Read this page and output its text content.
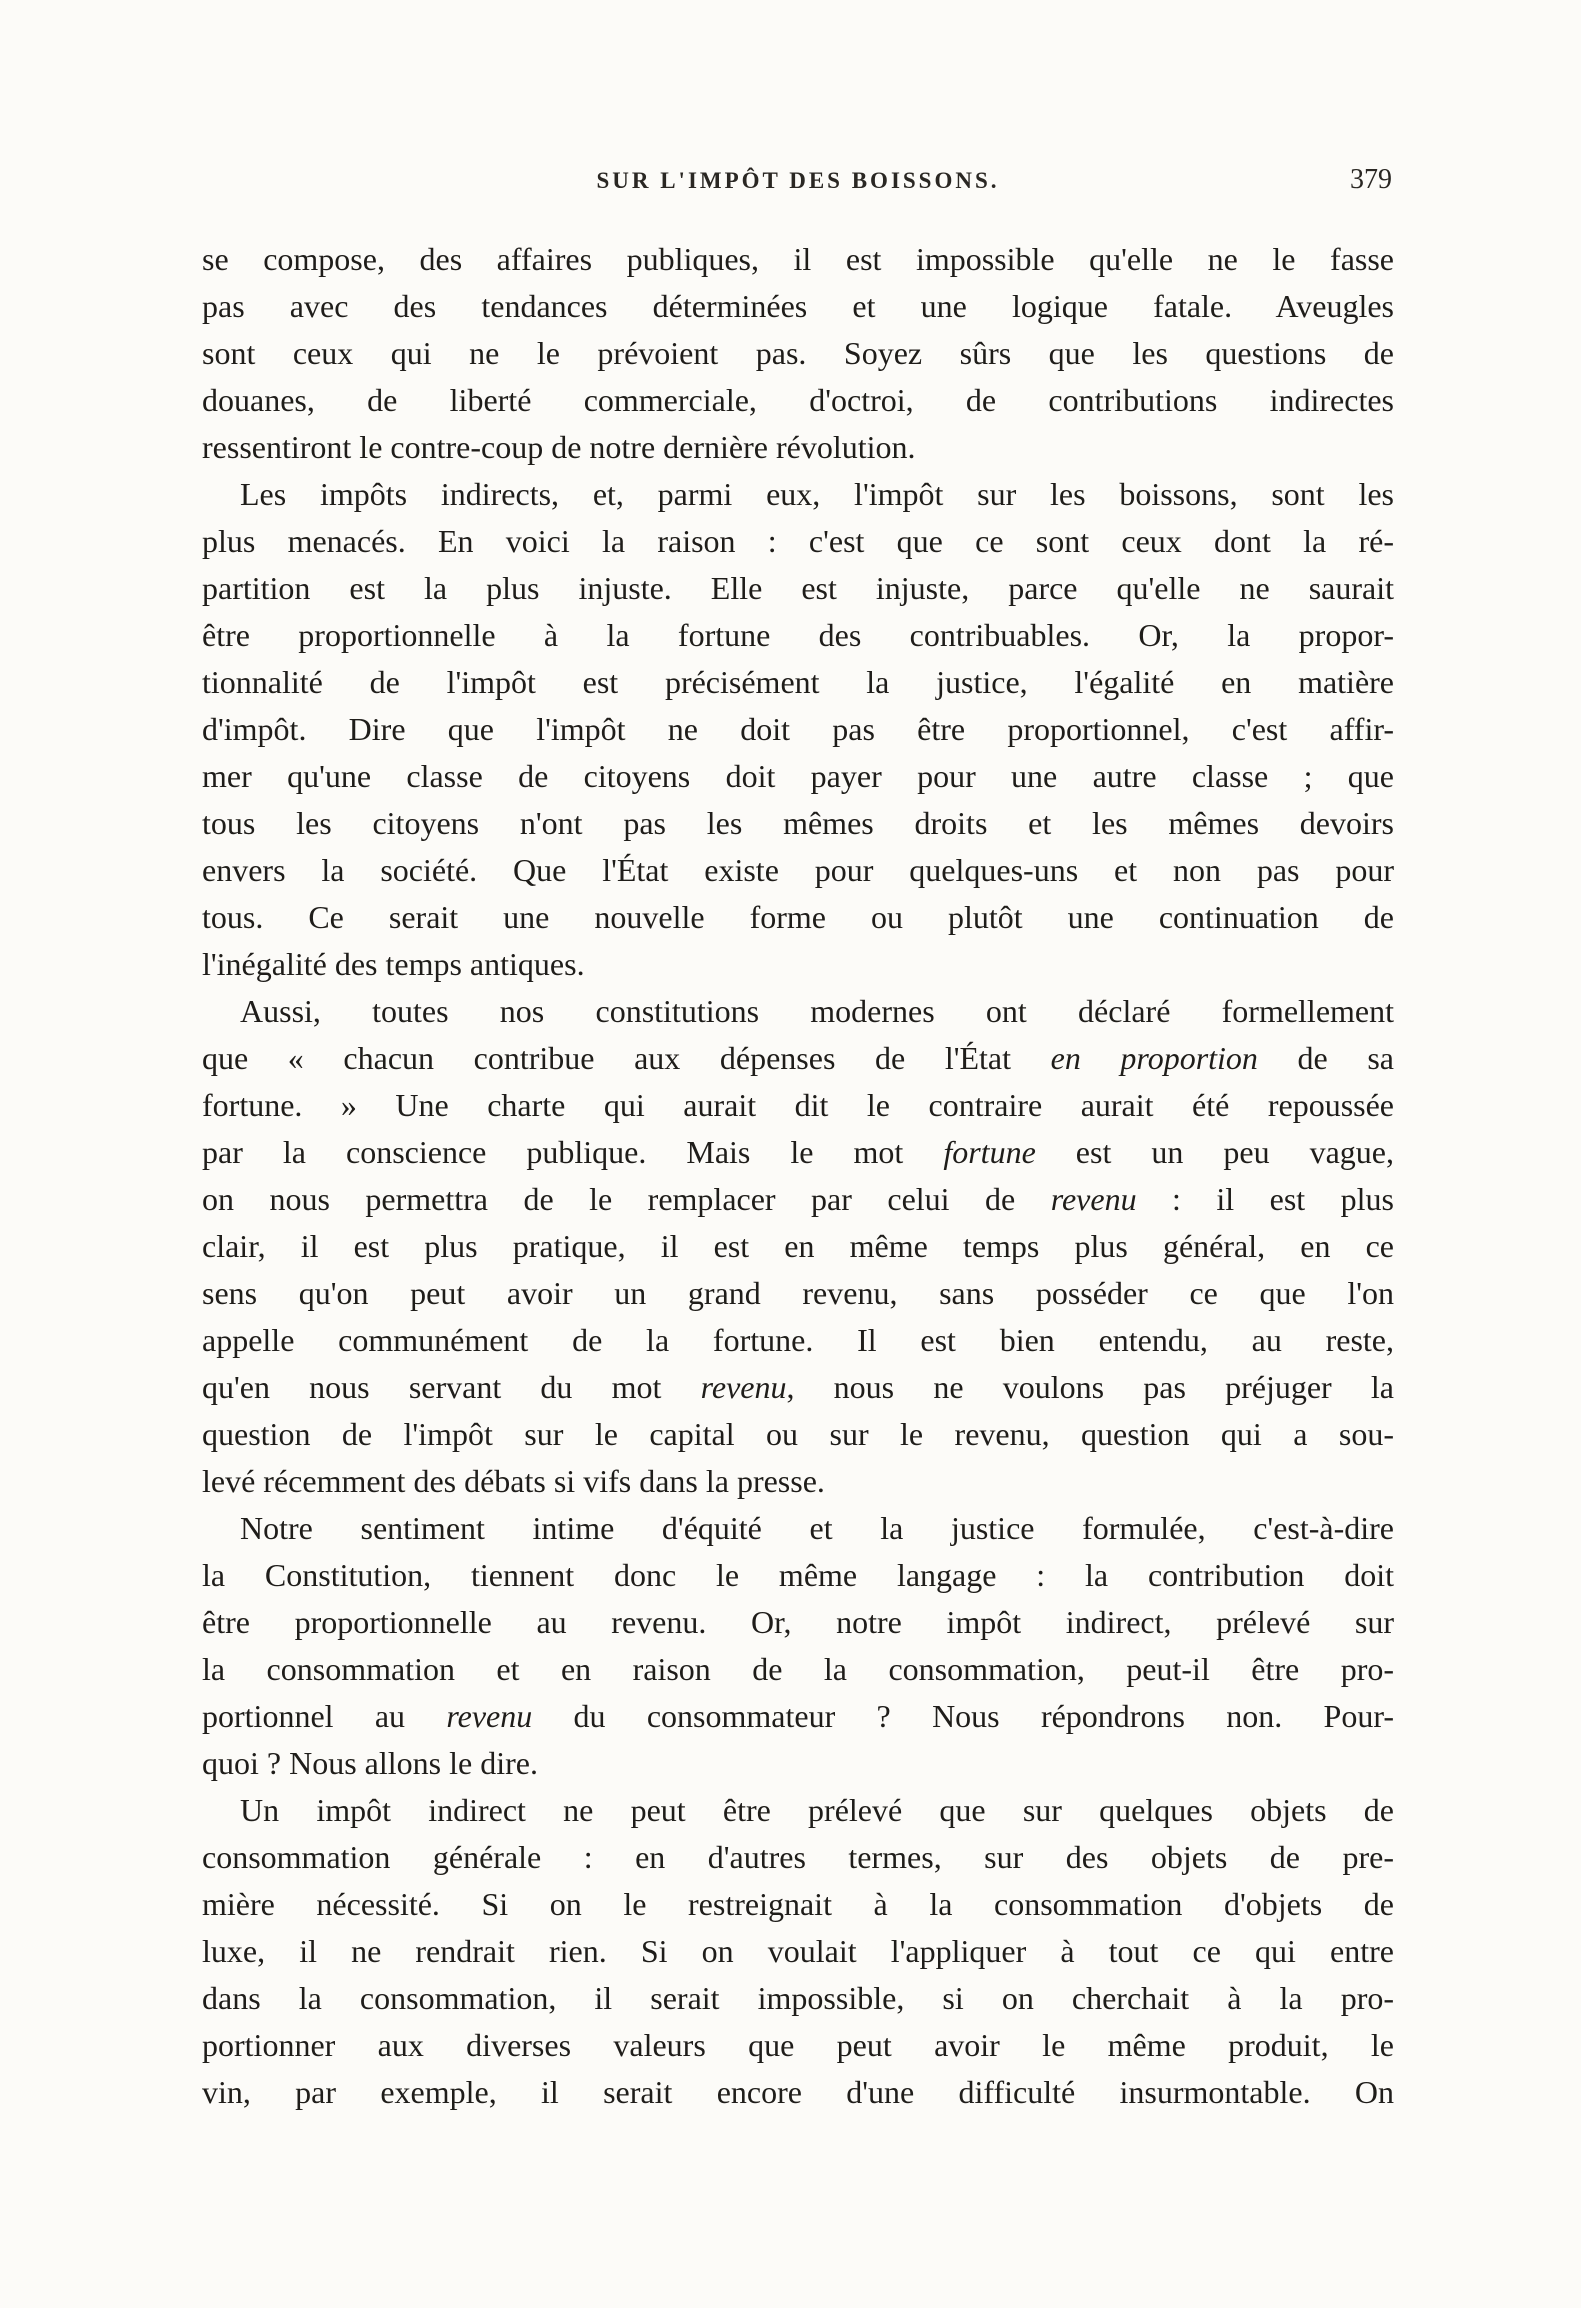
SUR L'IMPÔT DES BOISSONS.	379
se compose, des affaires publiques, il est impossible qu'elle ne le fasse
pas avec des tendances déterminées et une logique fatale. Aveugles
sont ceux qui ne le prévoient pas. Soyez sûrs que les questions de
douanes, de liberté commerciale, d'octroi, de contributions indirectes
ressentiront le contre-coup de notre dernière révolution.
Les impôts indirects, et, parmi eux, l'impôt sur les boissons, sont les
plus menacés. En voici la raison : c'est que ce sont ceux dont la ré-
partition est la plus injuste. Elle est injuste, parce qu'elle ne saurait
être proportionnelle à la fortune des contribuables. Or, la propor-
tionnalité de l'impôt est précisément la justice, l'égalité en matière
d'impôt. Dire que l'impôt ne doit pas être proportionnel, c'est affir-
mer qu'une classe de citoyens doit payer pour une autre classe ; que
tous les citoyens n'ont pas les mêmes droits et les mêmes devoirs
envers la société. Que l'État existe pour quelques-uns et non pas pour
tous. Ce serait une nouvelle forme ou plutôt une continuation de
l'inégalité des temps antiques.
Aussi, toutes nos constitutions modernes ont déclaré formellement
que « chacun contribue aux dépenses de l'État en proportion de sa
fortune. » Une charte qui aurait dit le contraire aurait été repoussée
par la conscience publique. Mais le mot fortune est un peu vague,
on nous permettra de le remplacer par celui de revenu : il est plus
clair, il est plus pratique, il est en même temps plus général, en ce
sens qu'on peut avoir un grand revenu, sans posséder ce que l'on
appelle communément de la fortune. Il est bien entendu, au reste,
qu'en nous servant du mot revenu, nous ne voulons pas préjuger la
question de l'impôt sur le capital ou sur le revenu, question qui a sou-
levé récemment des débats si vifs dans la presse.
Notre sentiment intime d'équité et la justice formulée, c'est-à-dire
la Constitution, tiennent donc le même langage : la contribution doit
être proportionnelle au revenu. Or, notre impôt indirect, prélevé sur
la consommation et en raison de la consommation, peut-il être pro-
portionnel au revenu du consommateur ? Nous répondrons non. Pour-
quoi ? Nous allons le dire.
Un impôt indirect ne peut être prélevé que sur quelques objets de
consommation générale : en d'autres termes, sur des objets de pre-
mière nécessité. Si on le restreignait à la consommation d'objets de
luxe, il ne rendrait rien. Si on voulait l'appliquer à tout ce qui entre
dans la consommation, il serait impossible, si on cherchait à la pro-
portionner aux diverses valeurs que peut avoir le même produit, le
vin, par exemple, il serait encore d'une difficulté insurmontable. On
